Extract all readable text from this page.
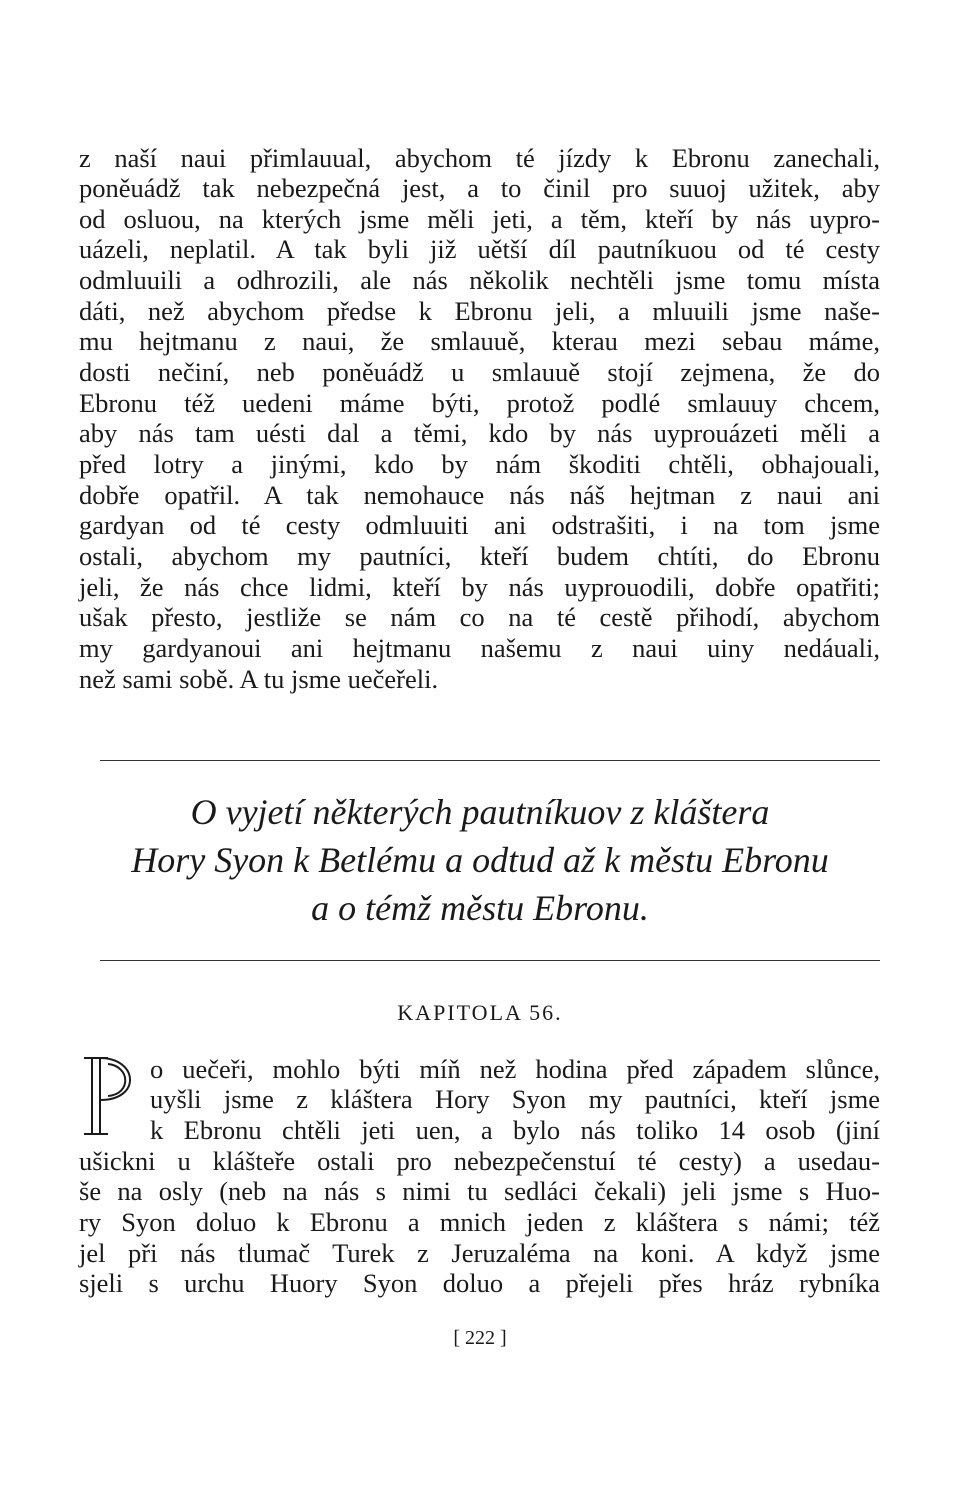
z naší naui přimlauual, abychom té jízdy k Ebronu zanechali,
poněuádž tak nebezpečná jest, a to činil pro suuoj užitek, aby
od osluou, na kterých jsme měli jeti, a těm, kteří by nás uypro-
uázeli, neplatil. A tak byli již uětší díl pautníkuou od té cesty
odmluuili a odhrozili, ale nás několik nechtěli jsme tomu místa
dáti, než abychom předse k Ebronu jeli, a mluuili jsme naše-
mu hejtmanu z naui, že smlauuě, kterau mezi sebau máme,
dosti nečiní, neb poněuádž u smlauuě stojí zejmena, že do
Ebronu též uedeni máme býti, protož podlé smlauuy chcem,
aby nás tam uésti dal a těmi, kdo by nás uyprouázeti měli a
před lotry a jinými, kdo by nám škoditi chtěli, obhajouali,
dobře opatřil. A tak nemohauce nás náš hejtman z naui ani
gardyan od té cesty odmluuiti ani odstrašiti, i na tom jsme
ostali, abychom my pautníci, kteří budem chtíti, do Ebronu
jeli, že nás chce lidmi, kteří by nás uyprouodili, dobře opatřiti;
ušak přesto, jestliže se nám co na té cestě přihodí, abychom
my gardyanoui ani hejtmanu našemu z naui uiny nedáuali,
než sami sobě. A tu jsme uečeřeli.
O vyjetí některých pautníkuov z kláštera
Hory Syon k Betlému a odtud až k městu Ebronu
a o témž městu Ebronu.
KAPITOLA 56.
o uečeři, mohlo býti míň než hodina před západem slůnce,
uyšli jsme z kláštera Hory Syon my pautníci, kteří jsme
k Ebronu chtěli jeti uen, a bylo nás toliko 14 osob (jiní
ušickni u klášteře ostali pro nebezpečenstuí té cesty) a usedau-
še na osly (neb na nás s nimi tu sedláci čekali) jeli jsme s Huo-
ry Syon doluo k Ebronu a mnich jeden z kláštera s námi; též
jel při nás tlumač Turek z Jeruzaléma na koni. A když jsme
sjeli s urchu Huory Syon doluo a přejeli přes hráz rybníka
[ 222 ]
